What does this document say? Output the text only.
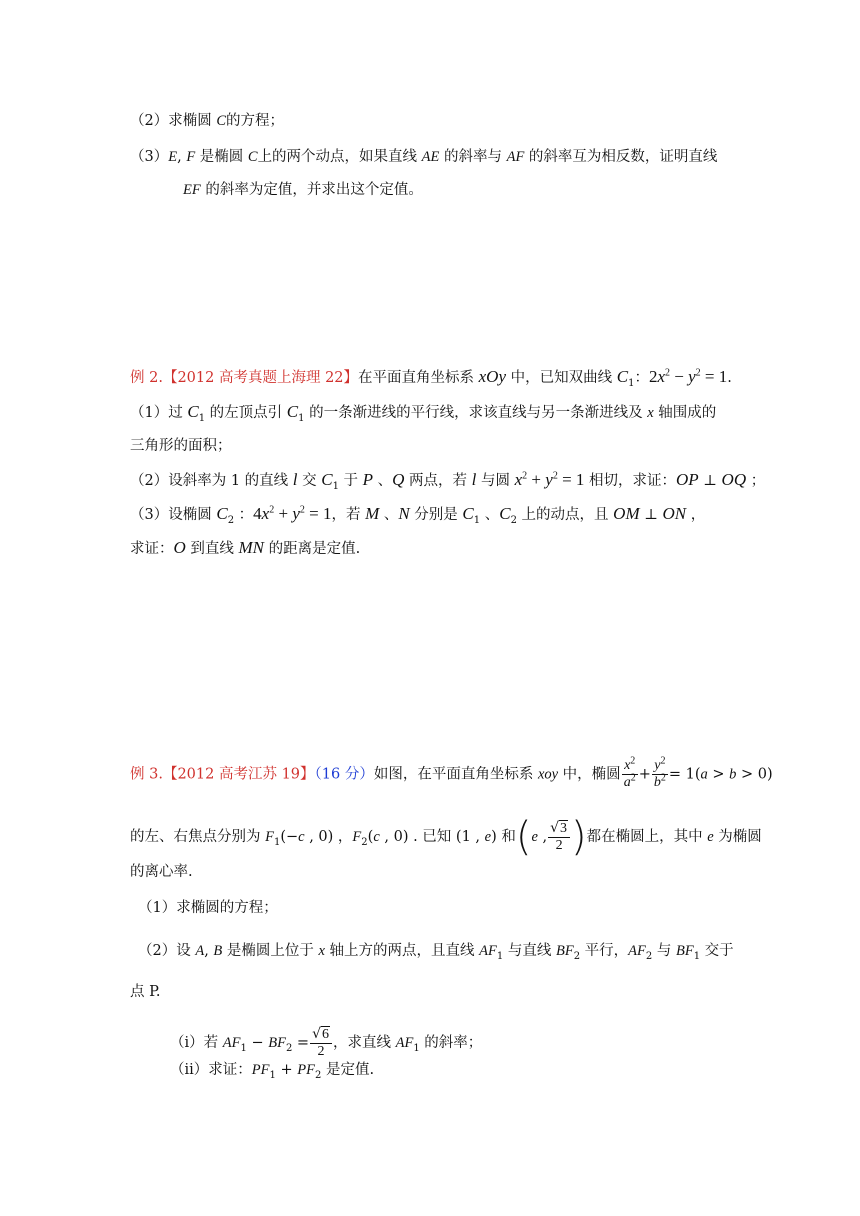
（2）求椭圆 C的方程；
（3）E, F 是椭圆 C上的两个动点，如果直线 AE 的斜率与 AF 的斜率互为相反数，证明直线
EF 的斜率为定值，并求出这个定值。
例 2.【2012 高考真题上海理 22】在平面直角坐标系 xOy 中，已知双曲线 $C_1$：$2x^2 - y^2 = 1$.
（1）过 $C_1$ 的左顶点引 $C_1$ 的一条渐进线的平行线，求该直线与另一条渐进线及 x 轴围成的
三角形的面积；
（2）设斜率为 1 的直线 l 交 $C_1$ 于 P 、Q 两点，若 l 与圆 $x^2 + y^2 = 1$ 相切，求证：OP ⊥ OQ ；
（3）设椭圆 $C_2$ ：$4x^2 + y^2 = 1$，若 M 、N 分别是 $C_1$ 、$C_2$ 上的动点，且 OM ⊥ ON ，
求证：O 到直线 MN 的距离是定值.
例 3.【2012 高考江苏 19】（16 分）如图，在平面直角坐标系 xoy 中，椭圆 $\frac{x^2}{a^2} + \frac{y^2}{b^2} = 1(a > b > 0)$
的左、右焦点分别为 $F_1(-c$ , 0) ，$F_2(c$ , 0) . 已知 (1 , e) 和(e , $\frac{√3}{2}$ )都在椭圆上，其中 e 为椭圆
的离心率.
（1）求椭圆的方程；
（2）设 A, B 是椭圆上位于 x 轴上方的两点，且直线 $AF_1$ 与直线 $BF_2$ 平行，$AF_2$ 与 $BF_1$ 交于
点 P.
（i）若 $AF_1 - BF_2 = \frac{√6}{2}$ ，求直线 $AF_1$ 的斜率；
（ii）求证：$PF_1 + PF_2$ 是定值.
